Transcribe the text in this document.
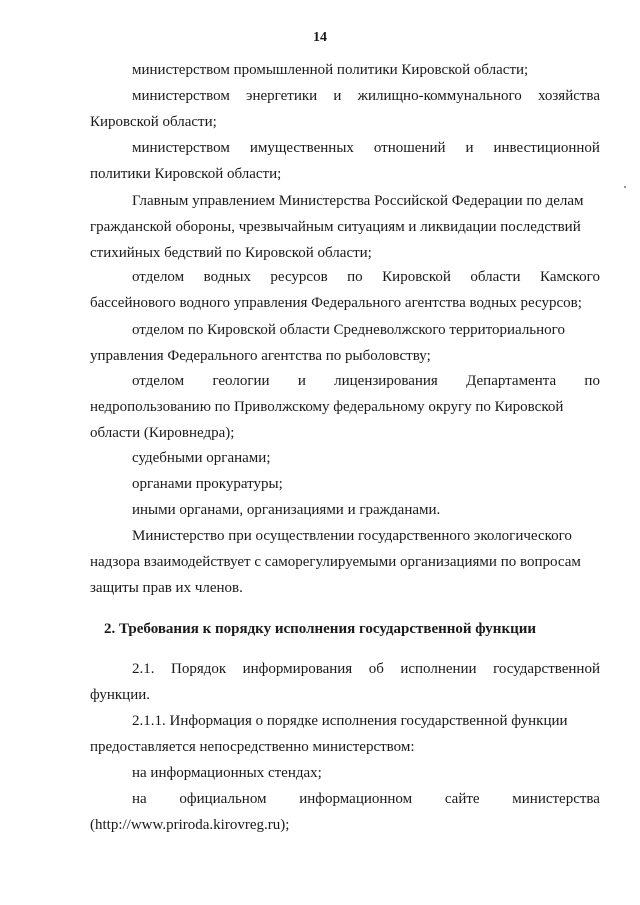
14
министерством промышленной политики Кировской области;
министерством энергетики и жилищно-коммунального хозяйства
Кировской области;
министерством имущественных отношений и инвестиционной
политики Кировской области;
Главным управлением Министерства Российской Федерации по делам
гражданской обороны, чрезвычайным ситуациям и ликвидации последствий
стихийных бедствий по Кировской области;
отделом водных ресурсов по Кировской области Камского
бассейнового водного управления Федерального агентства водных ресурсов;
отделом по Кировской области Средневолжского территориального
управления Федерального агентства по рыболовству;
отделом геологии и лицензирования Департамента по
недропользованию по Приволжскому федеральному округу по Кировской
области (Кировнедра);
судебными органами;
органами прокуратуры;
иными органами, организациями и гражданами.
Министерство при осуществлении государственного экологического
надзора взаимодействует с саморегулируемыми организациями по вопросам
защиты прав их членов.
2. Требования к порядку исполнения государственной функции
2.1. Порядок информирования об исполнении государственной
функции.
2.1.1. Информация о порядке исполнения государственной функции
предоставляется непосредственно министерством:
на информационных стендах;
на официальном информационном сайте министерства
(http://www.priroda.kirovreg.ru);
